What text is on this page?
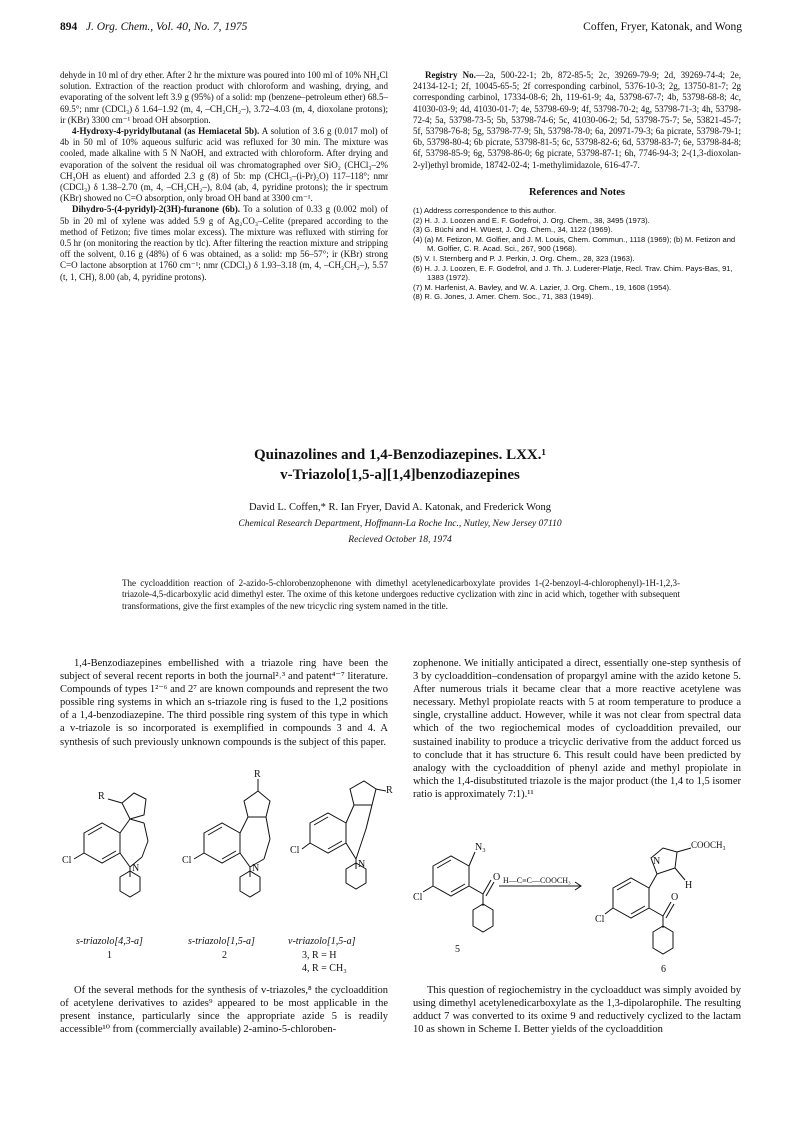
894 J. Org. Chem., Vol. 40, No. 7, 1975	Coffen, Fryer, Katonak, and Wong

dehyde in 10 ml of dry ether. After 2 hr the mixture was poured into 100 ml of 10% NH₄Cl solution. Extraction of the reaction product with chloroform and washing, drying, and evaporating of the solvent left 3.9 g (95%) of a solid: mp (benzene–petroleum ether) 68.5–69.5°; nmr (CDCl₃) δ 1.64–1.92 (m, 4, –CH₂CH₂–), 3.72–4.03 (m, 4, dioxolane protons); ir (KBr) 3300 cm⁻¹ broad OH absorption.

4-Hydroxy-4-pyridylbutanal (as Hemiacetal 5b). A solution of 3.6 g (0.017 mol) of 4b in 50 ml of 10% aqueous sulfuric acid was refluxed for 30 min. The mixture was cooled, made alkaline with 5 N NaOH, and extracted with chloroform. After drying and evaporation of the solvent the residual oil was chromatographed over SiO₂ (CHCl₃–2% CH₃OH as eluent) and afforded 2.3 g (8) of 5b: mp (CHCl₃–(i-Pr)₂O) 117–118°; nmr (CDCl₃) δ 1.38–2.70 (m, 4, –CH₂CH₂–), 8.04 (ab, 4, pyridine protons); the ir spectrum (KBr) showed no C=O absorption, only broad OH band at 3300 cm⁻¹.

Dihydro-5-(4-pyridyl)-2(3H)-furanone (6b). To a solution of 0.33 g (0.002 mol) of 5b in 20 ml of xylene was added 5.9 g of Ag₂CO₃–Celite (prepared according to the method of Fetizon; five times molar excess). The mixture was refluxed with stirring for 0.5 hr (on monitoring the reaction by tlc). After filtering the reaction mixture and stripping off the solvent, 0.16 g (48%) of 6 was obtained, as a solid: mp 56–57°; ir (KBr) strong C=O lactone absorption at 1760 cm⁻¹; nmr (CDCl₃) δ 1.93–3.18 (m, 4, –CH₂CH₂–), 5.57 (t, 1, CH), 8.00 (ab, 4, pyridine protons).

Registry No.—2a, 500-22-1; 2b, 872-85-5; 2c, 39269-79-9; 2d, 39269-74-4; 2e, 24134-12-1; 2f, 10045-65-5; 2f corresponding carbinol, 5376-10-3; 2g, 13750-81-7; 2g corresponding carbinol, 17334-08-6; 2h, 119-61-9; 4a, 53798-67-7; 4b, 53798-68-8; 4c, 41030-03-9; 4d, 41030-01-7; 4e, 53798-69-9; 4f, 53798-70-2; 4g, 53798-71-3; 4h, 53798-72-4; 5a, 53798-73-5; 5b, 53798-74-6; 5c, 41030-06-2; 5d, 53798-75-7; 5e, 53821-45-7; 5f, 53798-76-8; 5g, 53798-77-9; 5h, 53798-78-0; 6a, 20971-79-3; 6a picrate, 53798-79-1; 6b, 53798-80-4; 6b picrate, 53798-81-5; 6c, 53798-82-6; 6d, 53798-83-7; 6e, 53798-84-8; 6f, 53798-85-9; 6g, 53798-86-0; 6g picrate, 53798-87-1; 6h, 7746-94-3; 2-(1,3-dioxolan-2-yl)ethyl bromide, 18742-02-4; 1-methylimidazole, 616-47-7.

References and Notes
(1) Address correspondence to this author.
(2) H. J. J. Loozen and E. F. Godefroi, J. Org. Chem., 38, 3495 (1973).
(3) G. Büchi and H. Wüest, J. Org. Chem., 34, 1122 (1969).
(4) (a) M. Fetizon, M. Golfier, and J. M. Louis, Chem. Commun., 1118 (1969); (b) M. Fetizon and M. Golfier, C. R. Acad. Sci., 267, 900 (1968).
(5) V. I. Sternberg and P. J. Perkin, J. Org. Chem., 28, 323 (1963).
(6) H. J. J. Loozen, E. F. Godefrol, and J. Th. J. Luderer-Platje, Recl. Trav. Chim. Pays-Bas, 91, 1383 (1972).
(7) M. Harfenist, A. Bavley, and W. A. Lazier, J. Org. Chem., 19, 1608 (1954).
(8) R. G. Jones, J. Amer. Chem. Soc., 71, 383 (1949).
Quinazolines and 1,4-Benzodiazepines. LXX.¹
v-Triazolo[1,5-a][1,4]benzodiazepines
David L. Coffen,* R. Ian Fryer, David A. Katonak, and Frederick Wong
Chemical Research Department, Hoffmann-La Roche Inc., Nutley, New Jersey 07110
Recieved October 18, 1974
The cycloaddition reaction of 2-azido-5-chlorobenzophenone with dimethyl acetylenedicarboxylate provides 1-(2-benzoyl-4-chlorophenyl)-1H-1,2,3-triazole-4,5-dicarboxylic acid dimethyl ester. The oxime of this ketone undergoes reductive cyclization with zinc in acid which, together with subsequent transformations, give the first examples of the new tricyclic ring system named in the title.

1,4-Benzodiazepines embellished with a triazole ring have been the subject of several recent reports in both the journal²˒³ and patent⁴⁻⁷ literature. Compounds of types 1²⁻⁶ and 2⁷ are known compounds and represent the two possible ring systems in which an s-triazole ring is fused to the 1,2 positions of a 1,4-benzodiazepine. The third possible ring system of this type in which a v-triazole is so incorporated is exemplified in compounds 3 and 4. A synthesis of such previously unknown compounds is the subject of this paper.

R
Cl
N
Cl
R
N
Cl
R
N
s-triazolo[4,3-a]
1
s-triazolo[1,5-a]
2
v-triazolo[1,5-a]
3, R = H
4, R = CH₃

Of the several methods for the synthesis of v-triazoles,⁸ the cycloaddition of acetylene derivatives to azides⁹ appeared to be most applicable in the present instance, particularly since the appropriate azide 5 is readily accessible¹⁰ from (commercially available) 2-amino-5-chloroben-

zophenone. We initially anticipated a direct, essentially one-step synthesis of 3 by cycloaddition–condensation of propargyl amine with the azido ketone 5. After numerous trials it became clear that a more reactive acetylene was necessary. Methyl propiolate reacts with 5 at room temperature to produce a single, crystalline adduct. However, while it was not clear from spectral data which of the two regiochemical modes of cycloaddition prevailed, our sustained inability to produce a tricyclic derivative from the adduct forced us to conclude that it has structure 6. This result could have been predicted by analogy with the cycloaddition of phenyl azide and methyl propiolate in which the 1,4-disubstituted triazole is the major product (the 1,4 to 1,5 isomer ratio is approximately 7:1).¹¹

N₃
O
Cl
H—C≡C—COOCH₃
COOCH₃
H
O
Cl
N
5
6

This question of regiochemistry in the cycloadduct was simply avoided by using dimethyl acetylenedicarboxylate as the 1,3-dipolarophile. The resulting adduct 7 was converted to its oxime 9 and reductively cyclized to the lactam 10 as shown in Scheme I. Better yields of the cycloaddition
